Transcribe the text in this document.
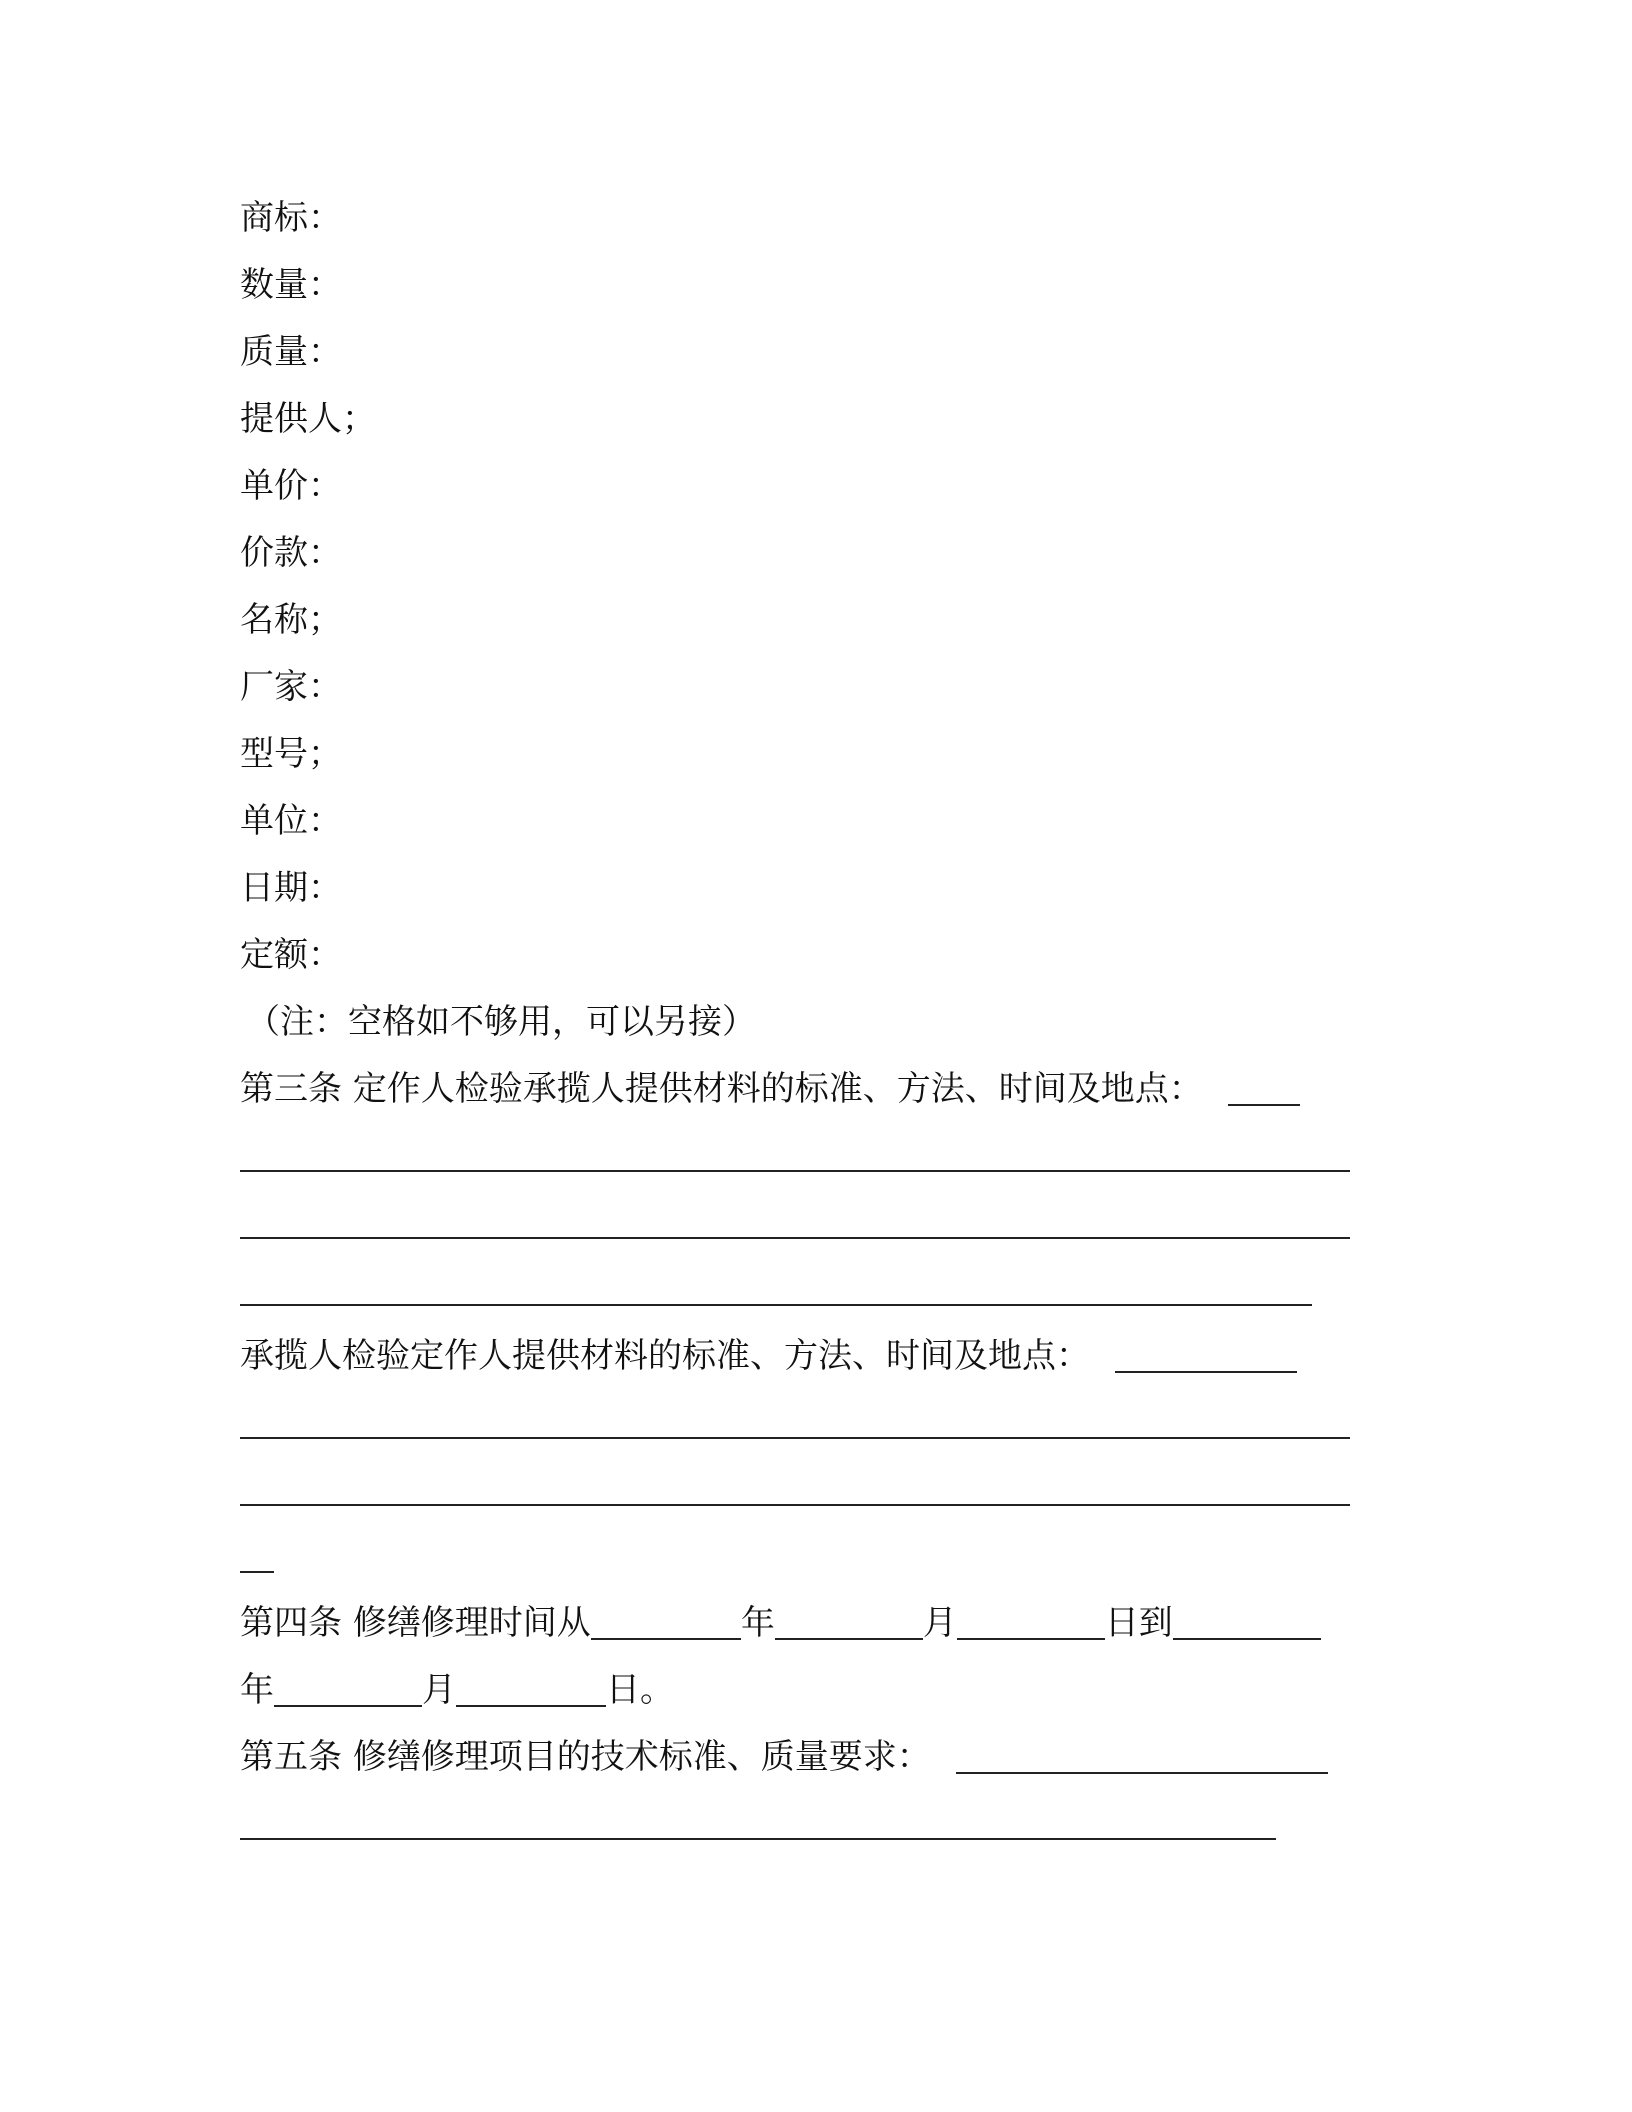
商标：
数量：
质量：
提供人；
单价：
价款：
名称；
厂家：
型号；
单位：
日期：
定额：
（注：空格如不够用，可以另接）
第三条 定作人检验承揽人提供材料的标准、方法、时间及地点：
承揽人检验定作人提供材料的标准、方法、时间及地点：
第四条 修缮修理时间从	年	月	日到
年	月	日。
第五条 修缮修理项目的技术标准、质量要求：
